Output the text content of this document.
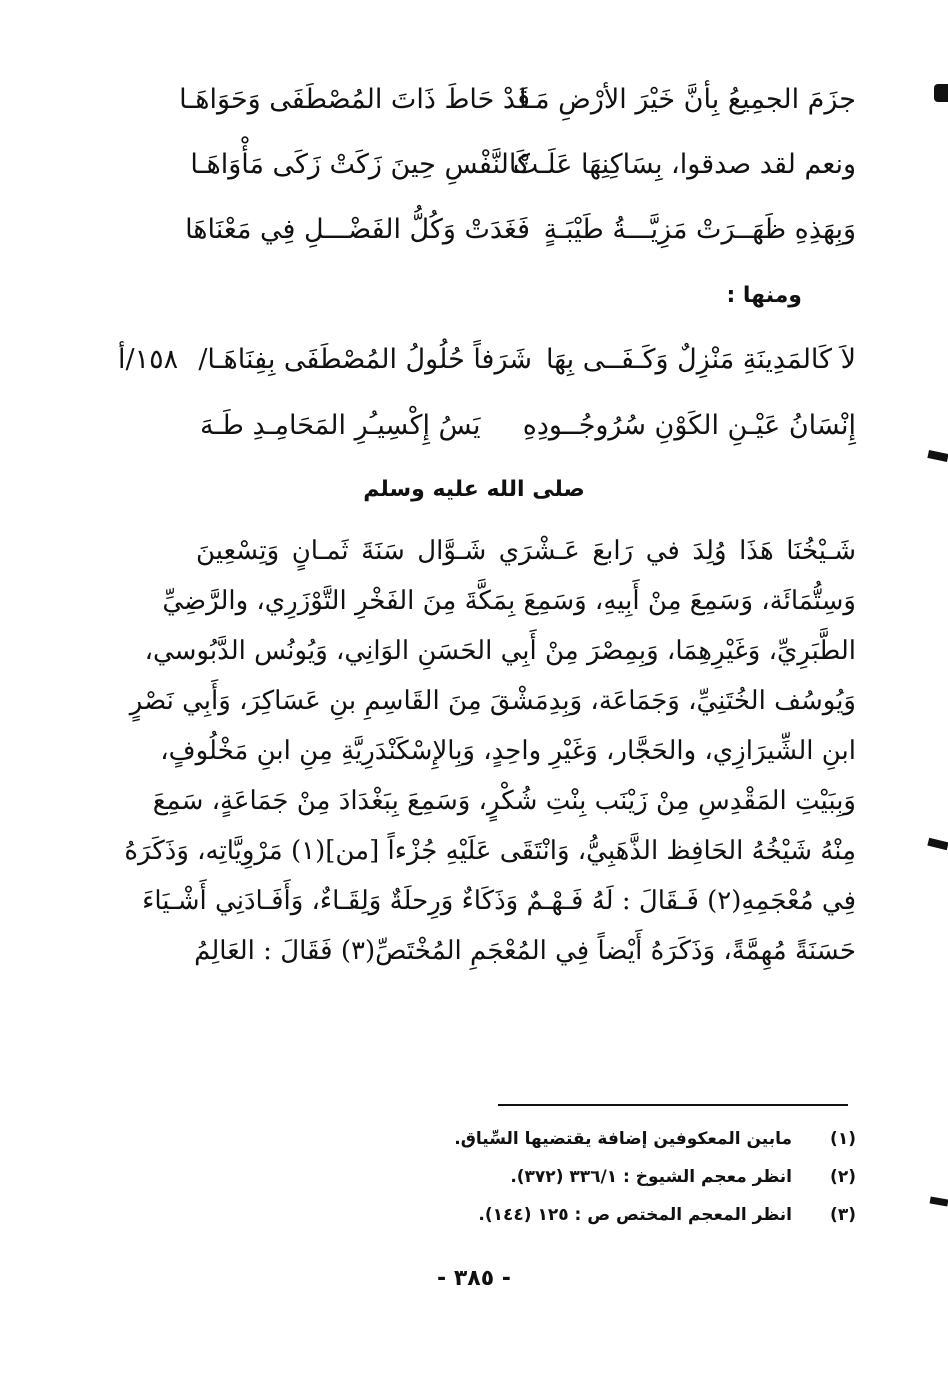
جزَمَ الجمِيعُ بِأنَّ خَيْرَ الأرْضِ مَـا
قَدْ حَاطَ ذَاتَ المُصْطَفَى وَحَوَاهَـا
ونعم لقد صدقوا، بِسَاكِنِهَا عَلَـتْ
كَالنَّفْسِ حِينَ زَكَتْ زَكَى مَأْوَاهَـا
وَبِهَذِهِ ظَهَــرَتْ مَزِيَّـــةُ طَيْبَـةٍ
فَغَدَتْ وَكُلُّ الفَضْـــلِ فِي مَعْنَاهَا
ومنها :
لاَ كَالمَدِينَةِ مَنْزِلٌ وَكَـفَــى بِهَا
شَرَفاً حُلُولُ المُصْطَفَى بِفِنَاهَـا/
١٥٨/أ
إِنْسَانُ عَيْـنِ الكَوْنِ سُرُوجُــودِهِ
يَسُ إِكْسِيـُرِ المَحَامِـدِ طَـهَ
صلى الله عليه وسلم
شَـيْخُنَا هَذَا وُلِدَ في رَابعَ عَـشْرَي شَـوَّال سَنَةَ ثَمـانٍ وَتِسْعِينَ
وَسِتُّمَائَة، وَسَمِعَ مِنْ أَبِيهِ، وَسَمِعَ بِمَكَّةَ مِنَ الفَخْرِ التَّوْزَرِي، والرَّضِيِّ
الطَّبَرِيِّ، وَغَيْرِهِمَا، وَبِمِصْرَ مِنْ أَبِي الحَسَنِ الوَانِي، وَيُونُس الدَّبُوسي،
وَيُوسُف الخُتَنِيِّ، وَجَمَاعَة، وَبِدِمَشْقَ مِنَ القَاسِمِ بنِ عَسَاكِرَ، وَأَبِي نَصْرٍ
ابنِ الشِّيرَازِي، والحَجَّار، وَغَيْرِ واحِدٍ، وَبِالإِسْكَنْدَرِيَّةِ مِنِ ابنِ مَخْلُوفٍ،
وَبِبَيْتِ المَقْدِسِ مِنْ زَيْنَب بِنْتِ شُكْرٍ، وَسَمِعَ بِبَغْدَادَ مِنْ جَمَاعَةٍ، سَمِعَ
مِنْهُ شَيْخُهُ الحَافِظ الذَّهَبِيُّ، وَانْتَقَى عَلَيْهِ جُزْءاً [من](١) مَرْوِيَّاتِه، وَذَكَرَهُ
فِي مُعْجَمِهِ(٢) فَـقَالَ : لَهُ فَـهْـمٌ وَذَكَاءٌ وَرِحلَةٌ وَلِقَـاءٌ، وَأَفَـادَنِي أَشْـيَاءَ
حَسَنَةً مُهِمَّةً، وَذَكَرَهُ أَيْضاً فِي المُعْجَمِ المُخْتَصِّ(٣) فَقَالَ : العَالِمُ
(١)مابين المعكوفين إضافة يقتضيها السِّياق.
(٢)انظر معجم الشيوخ : ٣٣٦/١ (٣٧٢).
(٣)انظر المعجم المختص ص : ١٢٥ (١٤٤).
- ٣٨٥ -
